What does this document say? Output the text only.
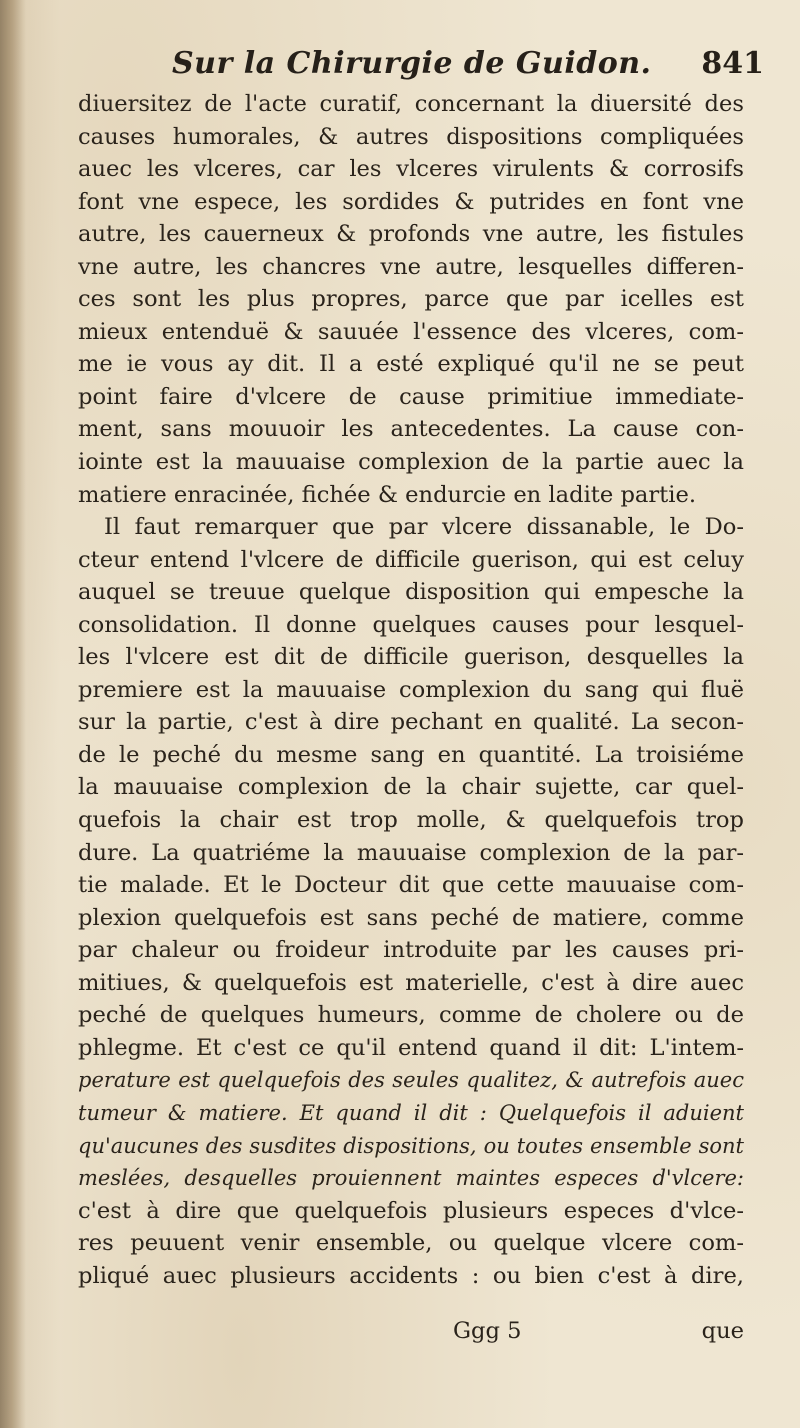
Sur la Chirurgie de Guidon. 841
diuersitez de l'acte curatif, concernant la diuersité des
causes humorales, & autres dispositions compliquées
auec les vlceres, car les vlceres virulents & corrosifs
font vne espece, les sordides & putrides en font vne
autre, les cauerneux & profonds vne autre, les fistules
vne autre, les chancres vne autre, lesquelles differen-
ces sont les plus propres, parce que par icelles est
mieux entenduë & sauuée l'essence des vlceres, com-
me ie vous ay dit. Il a esté expliqué qu'il ne se peut
point faire d'vlcere de cause primitiue immediate-
ment, sans mouuoir les antecedentes. La cause con-
iointe est la mauuaise complexion de la partie auec la
matiere enracinée, fichée & endurcie en ladite partie.
Il faut remarquer que par vlcere dissanable, le Do-
cteur entend l'vlcere de difficile guerison, qui est celuy
auquel se treuue quelque disposition qui empesche la
consolidation. Il donne quelques causes pour lesquel-
les l'vlcere est dit de difficile guerison, desquelles la
premiere est la mauuaise complexion du sang qui fluë
sur la partie, c'est à dire pechant en qualité. La secon-
de le peché du mesme sang en quantité. La troisiéme
la mauuaise complexion de la chair sujette, car quel-
quefois la chair est trop molle, & quelquefois trop
dure. La quatriéme la mauuaise complexion de la par-
tie malade. Et le Docteur dit que cette mauuaise com-
plexion quelquefois est sans peché de matiere, comme
par chaleur ou froideur introduite par les causes pri-
mitiues, & quelquefois est materielle, c'est à dire auec
peché de quelques humeurs, comme de cholere ou de
phlegme. Et c'est ce qu'il entend quand il dit: L'intem-
perature est quelquefois des seules qualitez, & autrefois auec
tumeur & matiere. Et quand il dit : Quelquefois il aduient
qu'aucunes des susdites dispositions, ou toutes ensemble sont
meslées, desquelles prouiennent maintes especes d'vlcere:
c'est à dire que quelquefois plusieurs especes d'vlce-
res peuuent venir ensemble, ou quelque vlcere com-
pliqué auec plusieurs accidents : ou bien c'est à dire,
Ggg 5	que
